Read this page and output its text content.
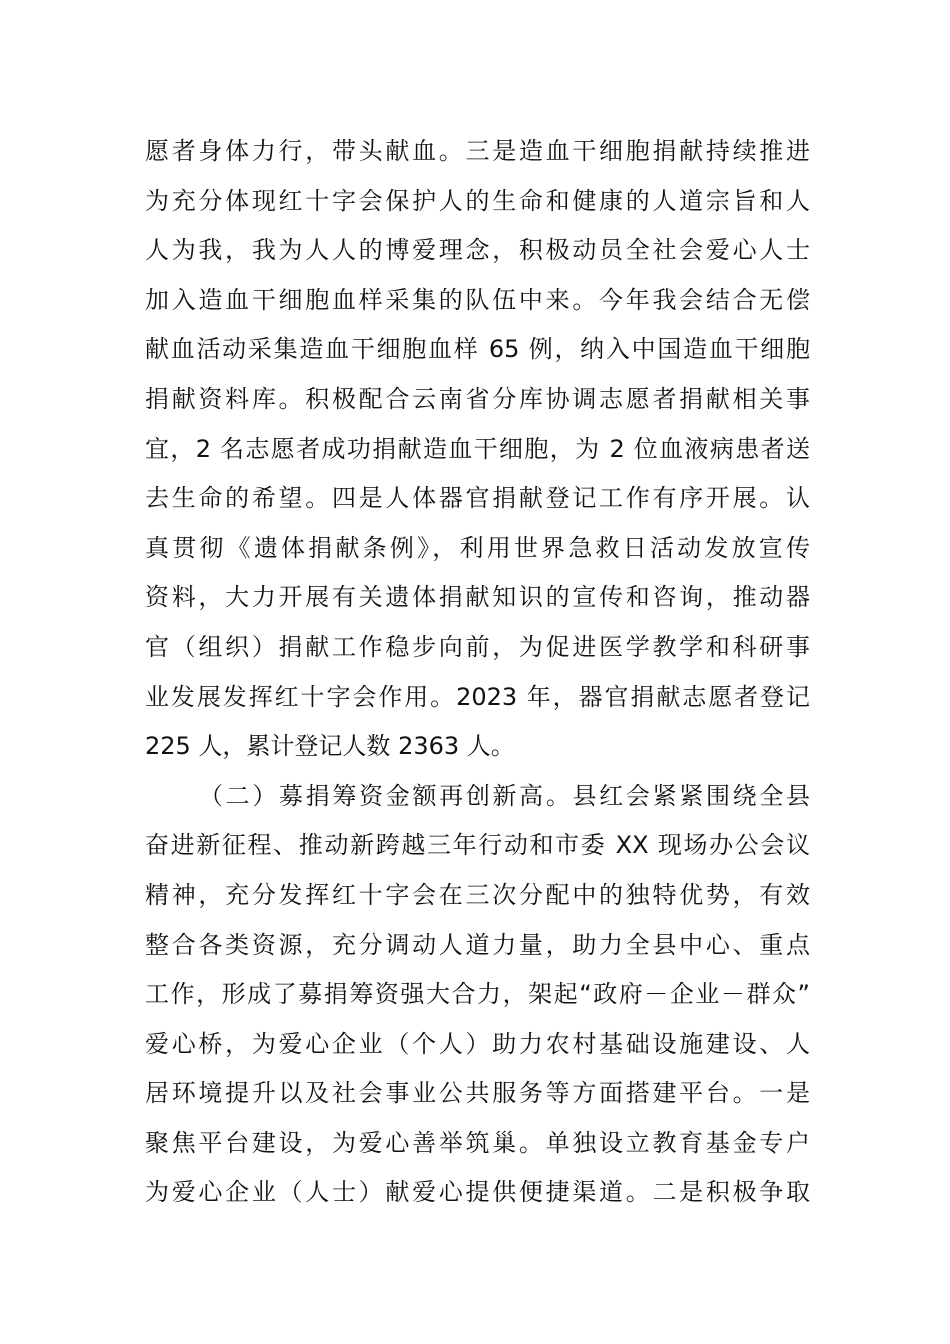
愿者身体力行，带头献血。三是造血干细胞捐献持续推进
为充分体现红十字会保护人的生命和健康的人道宗旨和人
人为我，我为人人的博爱理念，积极动员全社会爱心人士
加入造血干细胞血样采集的队伍中来。今年我会结合无偿
献血活动采集造血干细胞血样 65 例，纳入中国造血干细胞
捐献资料库。积极配合云南省分库协调志愿者捐献相关事
宜，2 名志愿者成功捐献造血干细胞，为 2 位血液病患者送
去生命的希望。四是人体器官捐献登记工作有序开展。认
真贯彻《遗体捐献条例》，利用世界急救日活动发放宣传
资料，大力开展有关遗体捐献知识的宣传和咨询，推动器
官（组织）捐献工作稳步向前，为促进医学教学和科研事
业发展发挥红十字会作用。2023 年，器官捐献志愿者登记
225 人，累计登记人数 2363 人。
（二）募捐筹资金额再创新高。县红会紧紧围绕全县
奋进新征程、推动新跨越三年行动和市委 XX 现场办公会议
精神，充分发挥红十字会在三次分配中的独特优势，有效
整合各类资源，充分调动人道力量，助力全县中心、重点
工作，形成了募捐筹资强大合力，架起“政府－企业－群众”
爱心桥，为爱心企业（个人）助力农村基础设施建设、人
居环境提升以及社会事业公共服务等方面搭建平台。一是
聚焦平台建设，为爱心善举筑巢。单独设立教育基金专户
为爱心企业（人士）献爱心提供便捷渠道。二是积极争取
